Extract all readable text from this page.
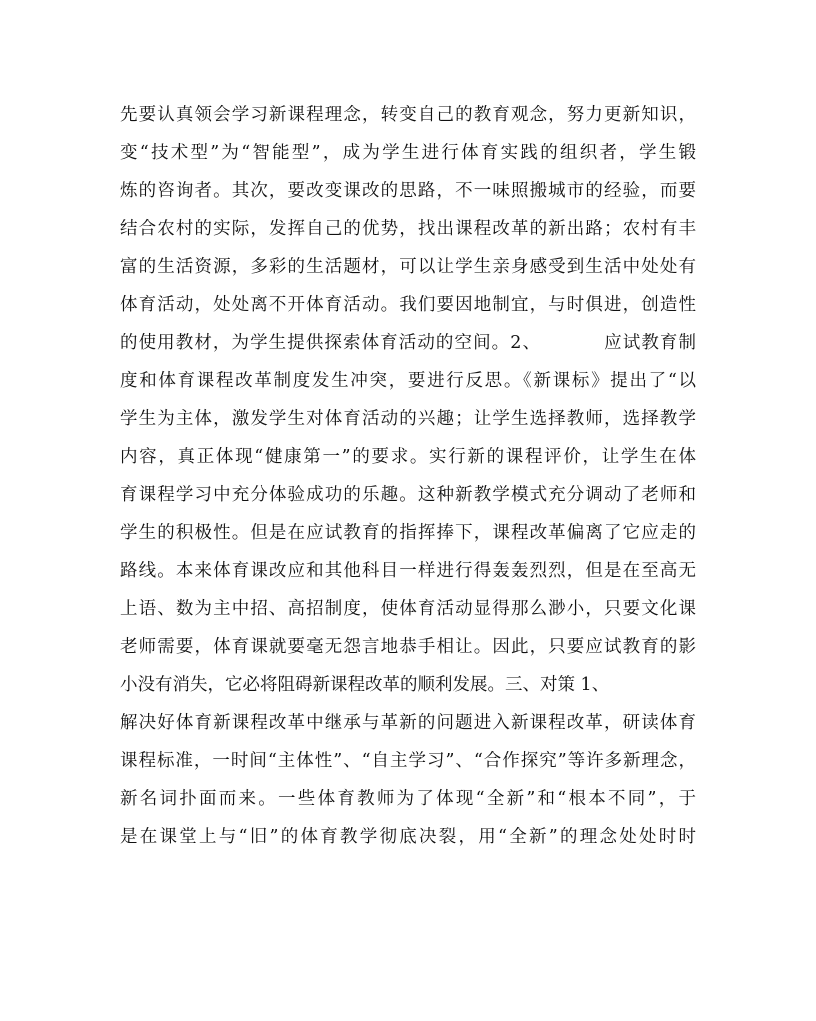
先要认真领会学习新课程理念，转变自己的教育观念，努力更新知识，
变“技术型”为“智能型”，成为学生进行体育实践的组织者，学生锻
炼的咨询者。其次，要改变课改的思路，不一味照搬城市的经验，而要
结合农村的实际，发挥自己的优势，找出课程改革的新出路；农村有丰
富的生活资源，多彩的生活题材，可以让学生亲身感受到生活中处处有
体育活动，处处离不开体育活动。我们要因地制宜，与时俱进，创造性
的使用教材，为学生提供探索体育活动的空间。2、	应试教育制
度和体育课程改革制度发生冲突，要进行反思。《新课标》提出了“以
学生为主体，激发学生对体育活动的兴趣；让学生选择教师，选择教学
内容，真正体现“健康第一”的要求。实行新的课程评价，让学生在体
育课程学习中充分体验成功的乐趣。这种新教学模式充分调动了老师和
学生的积极性。但是在应试教育的指挥捧下，课程改革偏离了它应走的
路线。本来体育课改应和其他科目一样进行得轰轰烈烈，但是在至高无
上语、数为主中招、高招制度，使体育活动显得那么渺小，只要文化课
老师需要，体育课就要毫无怨言地恭手相让。因此，只要应试教育的影
小没有消失，它必将阻碍新课程改革的顺利发展。三、对策 1、
解决好体育新课程改革中继承与革新的问题进入新课程改革，研读体育
课程标准，一时间“主体性”、“自主学习”、“合作探究”等许多新理念，
新名词扑面而来。一些体育教师为了体现“全新”和“根本不同”，于
是在课堂上与“旧”的体育教学彻底决裂，用“全新”的理念处处时时
